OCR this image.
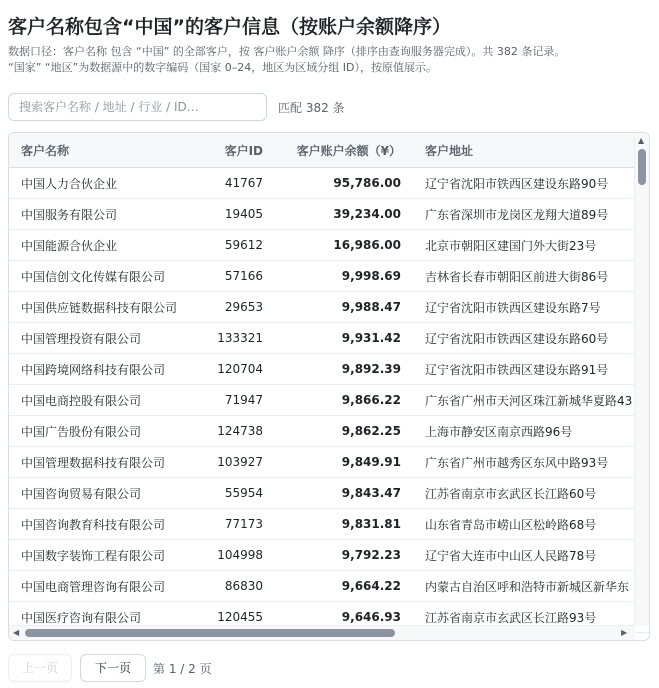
客户名称包含“中国”的客户信息（按账户余额降序）
数据口径：客户名称 包含 “中国” 的全部客户，按 客户账户余额 降序（排序由查询服务器完成）。共 382 条记录。
“国家” “地区”为数据源中的数字编码（国家 0–24，地区为区域分组 ID），按原值展示。
搜索客户名称 / 地址 / 行业 / ID…
匹配 382 条
客户名称	客户ID	客户账户余额（¥）	客户地址
中国人力合伙企业	41767	95,786.00	辽宁省沈阳市铁西区建设东路90号
中国服务有限公司	19405	39,234.00	广东省深圳市龙岗区龙翔大道89号
中国能源合伙企业	59612	16,986.00	北京市朝阳区建国门外大街23号
中国信创文化传媒有限公司	57166	9,998.69	吉林省长春市朝阳区前进大街86号
中国供应链数据科技有限公司	29653	9,988.47	辽宁省沈阳市铁西区建设东路7号
中国管理投资有限公司	133321	9,931.42	辽宁省沈阳市铁西区建设东路60号
中国跨境网络科技有限公司	120704	9,892.39	辽宁省沈阳市铁西区建设东路91号
中国电商控股有限公司	71947	9,866.22	广东省广州市天河区珠江新城华夏路43
中国广告股份有限公司	124738	9,862.25	上海市静安区南京西路96号
中国管理数据科技有限公司	103927	9,849.91	广东省广州市越秀区东风中路93号
中国咨询贸易有限公司	55954	9,843.47	江苏省南京市玄武区长江路60号
中国咨询教育科技有限公司	77173	9,831.81	山东省青岛市崂山区松岭路68号
中国数字装饰工程有限公司	104998	9,792.23	辽宁省大连市中山区人民路78号
中国电商管理咨询有限公司	86830	9,664.22	内蒙古自治区呼和浩特市新城区新华东
中国医疗咨询有限公司	120455	9,646.93	江苏省南京市玄武区长江路93号
▲
◀	▶
上一页	下一页	第 1 / 2 页
